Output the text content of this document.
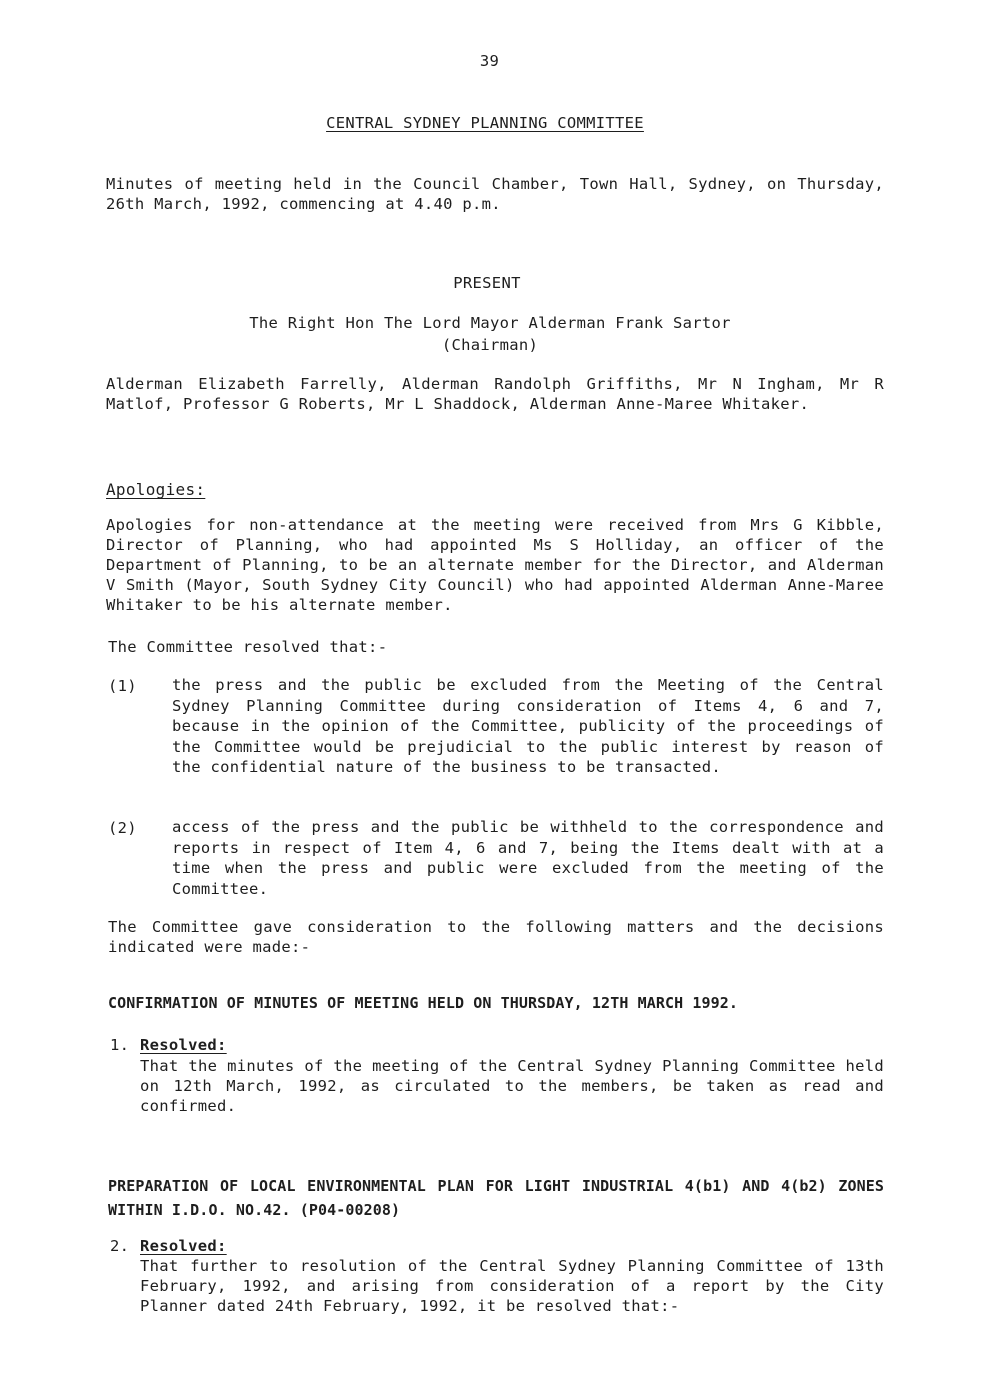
39
CENTRAL SYDNEY PLANNING COMMITTEE

Minutes of meeting held in the Council Chamber, Town Hall, Sydney, on Thursday, 26th March, 1992, commencing at 4.40 p.m.

PRESENT
The Right Hon The Lord Mayor Alderman Frank Sartor
(Chairman)

Alderman Elizabeth Farrelly, Alderman Randolph Griffiths, Mr N Ingham, Mr R Matlof, Professor G Roberts, Mr L Shaddock, Alderman Anne-Maree Whitaker.

Apologies:

Apologies for non-attendance at the meeting were received from Mrs G Kibble, Director of Planning, who had appointed Ms S Holliday, an officer of the Department of Planning, to be an alternate member for the Director, and Alderman V Smith (Mayor, South Sydney City Council) who had appointed Alderman Anne-Maree Whitaker to be his alternate member.

The Committee resolved that:-
(1) the press and the public be excluded from the Meeting of the Central Sydney Planning Committee during consideration of Items 4, 6 and 7, because in the opinion of the Committee, publicity of the proceedings of the Committee would be prejudicial to the public interest by reason of the confidential nature of the business to be transacted.

(2) access of the press and the public be withheld to the correspondence and reports in respect of Item 4, 6 and 7, being the Items dealt with at a time when the press and public were excluded from the meeting of the Committee.

The Committee gave consideration to the following matters and the decisions indicated were made:-

CONFIRMATION OF MINUTES OF MEETING HELD ON THURSDAY, 12TH MARCH 1992.
1. Resolved:

That the minutes of the meeting of the Central Sydney Planning Committee held on 12th March, 1992, as circulated to the members, be taken as read and confirmed.

PREPARATION OF LOCAL ENVIRONMENTAL PLAN FOR LIGHT INDUSTRIAL 4(b1) AND 4(b2) ZONES WITHIN I.D.O. NO.42. (P04-00208)

2. Resolved:

That further to resolution of the Central Sydney Planning Committee of 13th February, 1992, and arising from consideration of a report by the City Planner dated 24th February, 1992, it be resolved that:-
